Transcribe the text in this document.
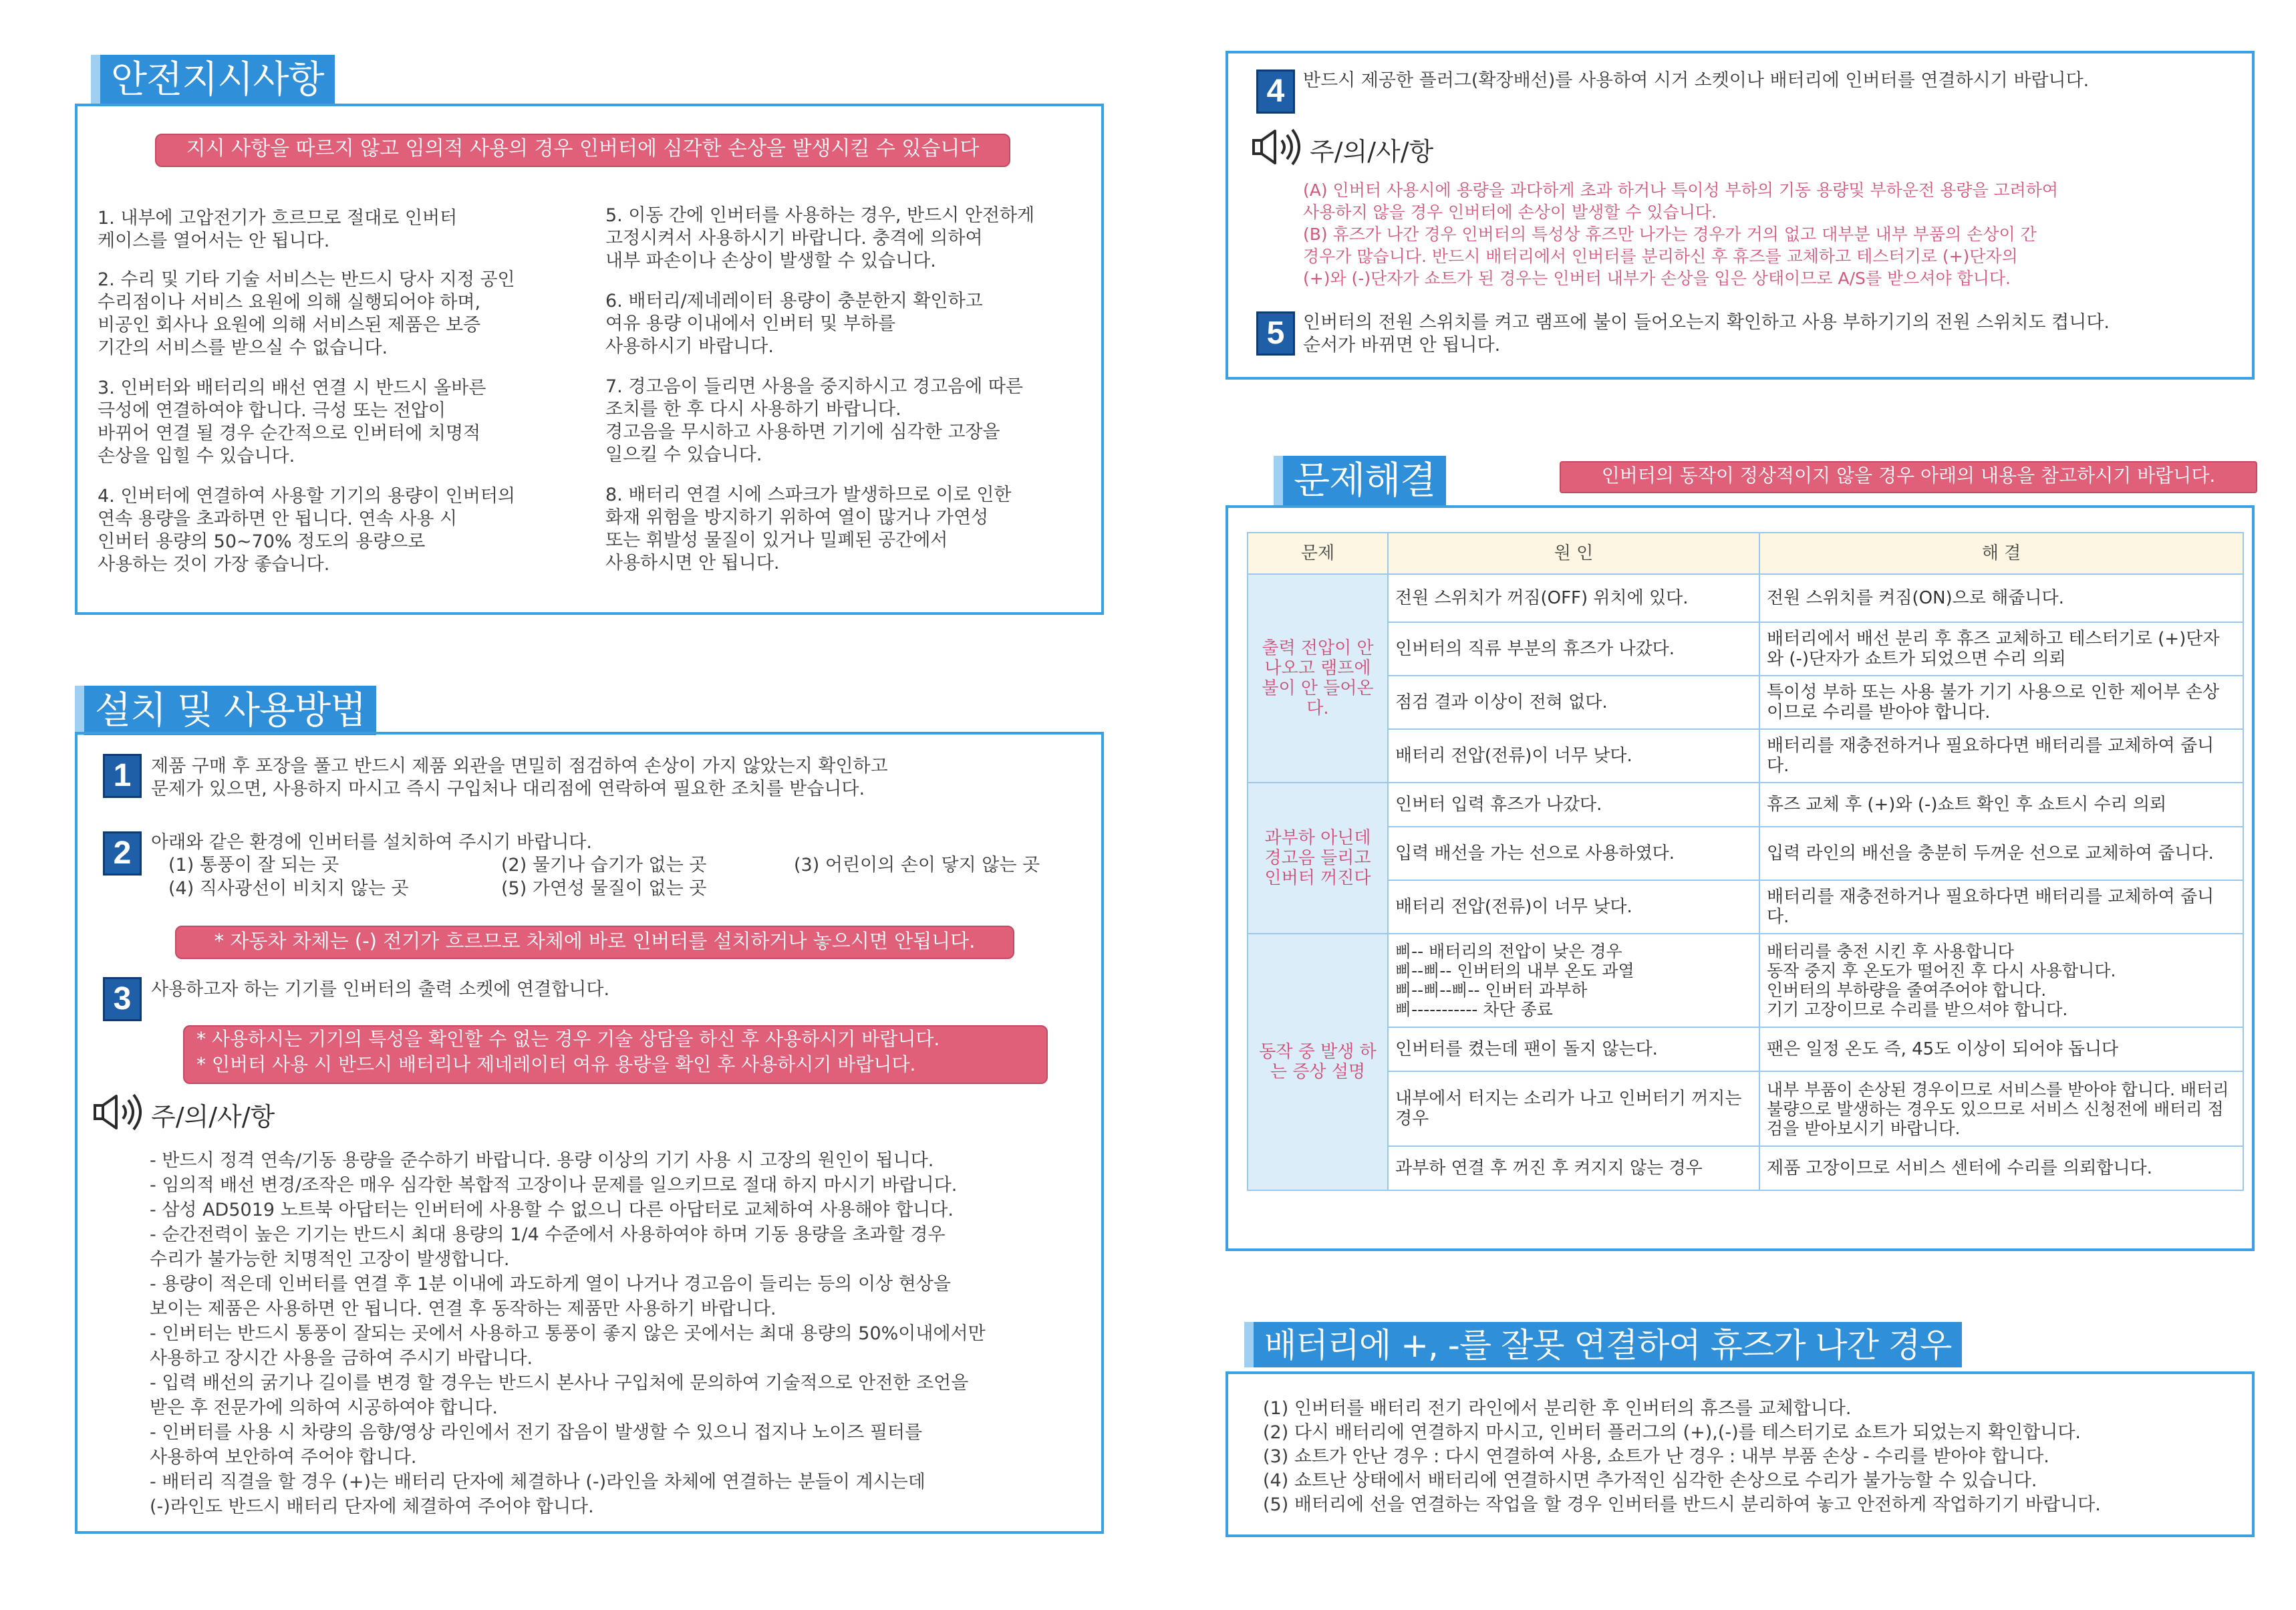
안전지시사항
지시 사항을 따르지 않고 임의적 사용의 경우 인버터에 심각한 손상을 발생시킬 수 있습니다
1. 내부에 고압전기가 흐르므로 절대로 인버터
케이스를 열어서는 안 됩니다.
2. 수리 및 기타 기술 서비스는 반드시 당사 지정 공인
수리점이나 서비스 요원에 의해 실행되어야 하며,
비공인 회사나 요원에 의해 서비스된 제품은 보증
기간의 서비스를 받으실 수 없습니다.
3. 인버터와 배터리의 배선 연결 시 반드시 올바른
극성에 연결하여야 합니다. 극성 또는 전압이
바뀌어 연결 될 경우 순간적으로 인버터에 치명적
손상을 입힐 수 있습니다.
4. 인버터에 연결하여 사용할 기기의 용량이 인버터의
연속 용량을 초과하면 안 됩니다. 연속 사용 시
인버터 용량의 50~70% 정도의 용량으로
사용하는 것이 가장 좋습니다.
5. 이동 간에 인버터를 사용하는 경우, 반드시 안전하게
고정시켜서 사용하시기 바랍니다. 충격에 의하여
내부 파손이나 손상이 발생할 수 있습니다.
6. 배터리/제네레이터 용량이 충분한지 확인하고
여유 용량 이내에서 인버터 및 부하를
사용하시기 바랍니다.
7. 경고음이 들리면 사용을 중지하시고 경고음에 따른
조치를 한 후 다시 사용하기 바랍니다.
경고음을 무시하고 사용하면 기기에 심각한 고장을
일으킬 수 있습니다.
8. 배터리 연결 시에 스파크가 발생하므로 이로 인한
화재 위험을 방지하기 위하여 열이 많거나 가연성
또는 휘발성 물질이 있거나 밀폐된 공간에서
사용하시면 안 됩니다.
설치 및 사용방법
1	제품 구매 후 포장을 풀고 반드시 제품 외관을 면밀히 점검하여 손상이 가지 않았는지 확인하고
문제가 있으면, 사용하지 마시고 즉시 구입처나 대리점에 연락하여 필요한 조치를 받습니다.
2	아래와 같은 환경에 인버터를 설치하여 주시기 바랍니다.
(1) 통풍이 잘 되는 곳	(2) 물기나 습기가 없는 곳	(3) 어린이의 손이 닿지 않는 곳
(4) 직사광선이 비치지 않는 곳	(5) 가연성 물질이 없는 곳
* 자동차 차체는 (-) 전기가 흐르므로 차체에 바로 인버터를 설치하거나 놓으시면 안됩니다.
3	사용하고자 하는 기기를 인버터의 출력 소켓에 연결합니다.
* 사용하시는 기기의 특성을 확인할 수 없는 경우 기술 상담을 하신 후 사용하시기 바랍니다.
* 인버터 사용 시 반드시 배터리나 제네레이터 여유 용량을 확인 후 사용하시기 바랍니다.
주/의/사/항
- 반드시 정격 연속/기동 용량을 준수하기 바랍니다. 용량 이상의 기기 사용 시 고장의 원인이 됩니다.
- 임의적 배선 변경/조작은 매우 심각한 복합적 고장이나 문제를 일으키므로 절대 하지 마시기 바랍니다.
- 삼성 AD5019 노트북 아답터는 인버터에 사용할 수 없으니 다른 아답터로 교체하여 사용해야 합니다.
- 순간전력이 높은 기기는 반드시 최대 용량의 1/4 수준에서 사용하여야 하며 기동 용량을 초과할 경우
수리가 불가능한 치명적인 고장이 발생합니다.
- 용량이 적은데 인버터를 연결 후 1분 이내에 과도하게 열이 나거나 경고음이 들리는 등의 이상 현상을
보이는 제품은 사용하면 안 됩니다. 연결 후 동작하는 제품만 사용하기 바랍니다.
- 인버터는 반드시 통풍이 잘되는 곳에서 사용하고 통풍이 좋지 않은 곳에서는 최대 용량의 50%이내에서만
사용하고 장시간 사용을 금하여 주시기 바랍니다.
- 입력 배선의 굵기나 길이를 변경 할 경우는 반드시 본사나 구입처에 문의하여 기술적으로 안전한 조언을
받은 후 전문가에 의하여 시공하여야 합니다.
- 인버터를 사용 시 차량의 음향/영상 라인에서 전기 잡음이 발생할 수 있으니 접지나 노이즈 필터를
사용하여 보안하여 주어야 합니다.
- 배터리 직결을 할 경우 (+)는 배터리 단자에 체결하나 (-)라인을 차체에 연결하는 분들이 계시는데
(-)라인도 반드시 배터리 단자에 체결하여 주어야 합니다.
4	반드시 제공한 플러그(확장배선)를 사용하여 시거 소켓이나 배터리에 인버터를 연결하시기 바랍니다.
주/의/사/항
(A) 인버터 사용시에 용량을 과다하게 초과 하거나 특이성 부하의 기동 용량및 부하운전 용량을 고려하여
사용하지 않을 경우 인버터에 손상이 발생할 수 있습니다.
(B) 휴즈가 나간 경우 인버터의 특성상 휴즈만 나가는 경우가 거의 없고 대부분 내부 부품의 손상이 간
경우가 많습니다. 반드시 배터리에서 인버터를 분리하신 후 휴즈를 교체하고 테스터기로 (+)단자의
(+)와 (-)단자가 쇼트가 된 경우는 인버터 내부가 손상을 입은 상태이므로 A/S를 받으셔야 합니다.
5	인버터의 전원 스위치를 켜고 램프에 불이 들어오는지 확인하고 사용 부하기기의 전원 스위치도 켭니다.
순서가 바뀌면 안 됩니다.
문제해결	인버터의 동작이 정상적이지 않을 경우 아래의 내용을 참고하시기 바랍니다.
문제	원 인	해 결
출력 전압이 안 나오고 램프에 불이 안 들어온다.	전원 스위치가 꺼짐(OFF) 위치에 있다.	전원 스위치를 켜짐(ON)으로 해줍니다.
	인버터의 직류 부분의 휴즈가 나갔다.	배터리에서 배선 분리 후 휴즈 교체하고 테스터기로 (+)단자와 (-)단자가 쇼트가 되었으면 수리 의뢰
	점검 결과 이상이 전혀 없다.	특이성 부하 또는 사용 불가 기기 사용으로 인한 제어부 손상이므로 수리를 받아야 합니다.
	배터리 전압(전류)이 너무 낮다.	배터리를 재충전하거나 필요하다면 배터리를 교체하여 줍니다.
과부하 아닌데 경고음 들리고 인버터 꺼진다	인버터 입력 휴즈가 나갔다.	휴즈 교체 후 (+)와 (-)쇼트 확인 후 쇼트시 수리 의뢰
	입력 배선을 가는 선으로 사용하였다.	입력 라인의 배선을 충분히 두꺼운 선으로 교체하여 줍니다.
	배터리 전압(전류)이 너무 낮다.	배터리를 재충전하거나 필요하다면 배터리를 교체하여 줍니다.
동작 중 발생 하는 증상 설명	삐-- 배터리의 전압이 낮은 경우
삐--삐-- 인버터의 내부 온도 과열
삐--삐--삐-- 인버터 과부하
삐----------- 차단 종료	배터리를 충전 시킨 후 사용합니다
동작 중지 후 온도가 떨어진 후 다시 사용합니다.
인버터의 부하량을 줄여주어야 합니다.
기기 고장이므로 수리를 받으셔야 합니다.
	인버터를 켰는데 팬이 돌지 않는다.	팬은 일정 온도 즉, 45도 이상이 되어야 돕니다
	내부에서 터지는 소리가 나고 인버터기 꺼지는 경우	내부 부품이 손상된 경우이므로 서비스를 받아야 합니다. 배터리 불량으로 발생하는 경우도 있으므로 서비스 신청전에 배터리 점검을 받아보시기 바랍니다.
	과부하 연결 후 꺼진 후 켜지지 않는 경우	제품 고장이므로 서비스 센터에 수리를 의뢰합니다.
배터리에 +, -를 잘못 연결하여 휴즈가 나간 경우
(1) 인버터를 배터리 전기 라인에서 분리한 후 인버터의 휴즈를 교체합니다.
(2) 다시 배터리에 연결하지 마시고, 인버터 플러그의 (+),(-)를 테스터기로 쇼트가 되었는지 확인합니다.
(3) 쇼트가 안난 경우 : 다시 연결하여 사용, 쇼트가 난 경우 : 내부 부품 손상 - 수리를 받아야 합니다.
(4) 쇼트난 상태에서 배터리에 연결하시면 추가적인 심각한 손상으로 수리가 불가능할 수 있습니다.
(5) 배터리에 선을 연결하는 작업을 할 경우 인버터를 반드시 분리하여 놓고 안전하게 작업하기기 바랍니다.
